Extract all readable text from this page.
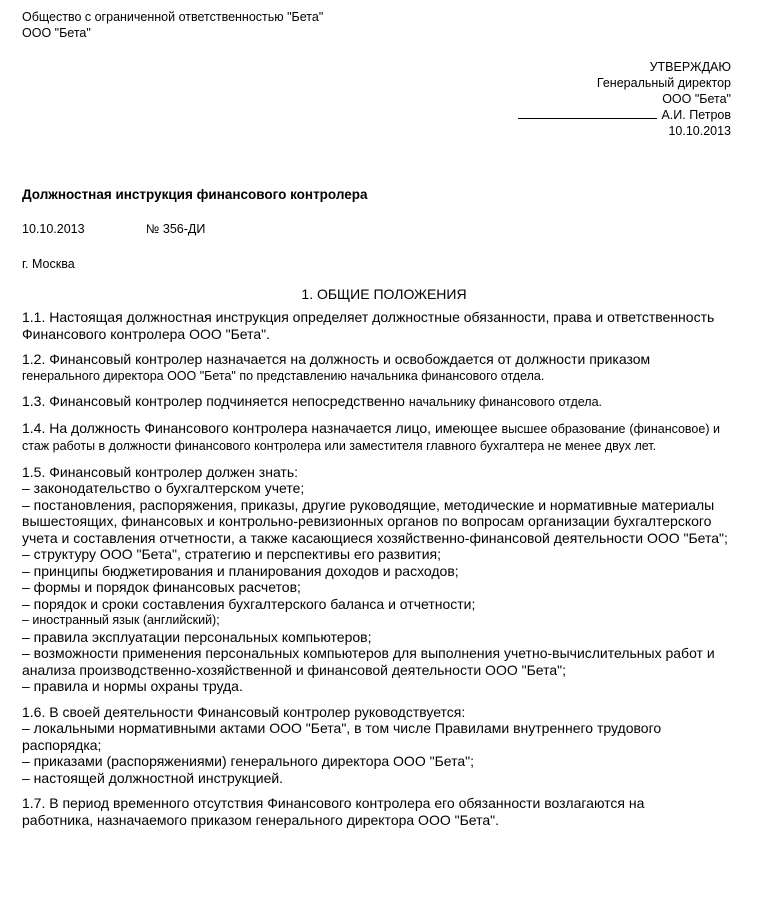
Общество с ограниченной ответственностью "Бета"
ООО "Бета"
УТВЕРЖДАЮ
Генеральный директор
ООО "Бета"
А.И. Петров
10.10.2013
Должностная инструкция финансового контролера
10.10.2013	№ 356-ДИ
г. Москва
1. ОБЩИЕ ПОЛОЖЕНИЯ

1.1. Настоящая должностная инструкция определяет должностные обязанности, права и ответственность Финансового контролера ООО "Бета".

1.2. Финансовый контролер назначается на должность и освобождается от должности приказом
генерального директора ООО "Бета" по представлению начальника финансового отдела.

1.3. Финансовый контролер подчиняется непосредственно начальнику финансового отдела.

1.4. На должность Финансового контролера назначается лицо, имеющее высшее образование (финансовое) и стаж работы в должности финансового контролера или заместителя главного бухгалтера не менее двух лет.

1.5. Финансовый контролер должен знать:
– законодательство о бухгалтерском учете;
– постановления, распоряжения, приказы, другие руководящие, методические и нормативные материалы вышестоящих, финансовых и контрольно-ревизионных органов по вопросам организации бухгалтерского учета и составления отчетности, а также касающиеся хозяйственно-финансовой деятельности ООО "Бета";
– структуру ООО "Бета", стратегию и перспективы его развития;
– принципы бюджетирования и планирования доходов и расходов;
– формы и порядок финансовых расчетов;
– порядок и сроки составления бухгалтерского баланса и отчетности;
– иностранный язык (английский);
– правила эксплуатации персональных компьютеров;
– возможности применения персональных компьютеров для выполнения учетно-вычислительных работ и анализа производственно-хозяйственной и финансовой деятельности ООО "Бета";
– правила и нормы охраны труда.

1.6. В своей деятельности Финансовый контролер руководствуется:
– локальными нормативными актами ООО "Бета", в том числе Правилами внутреннего трудового распорядка;
– приказами (распоряжениями) генерального директора ООО "Бета";
– настоящей должностной инструкцией.

1.7. В период временного отсутствия Финансового контролера его обязанности возлагаются на
работника, назначаемого приказом генерального директора ООО "Бета".
